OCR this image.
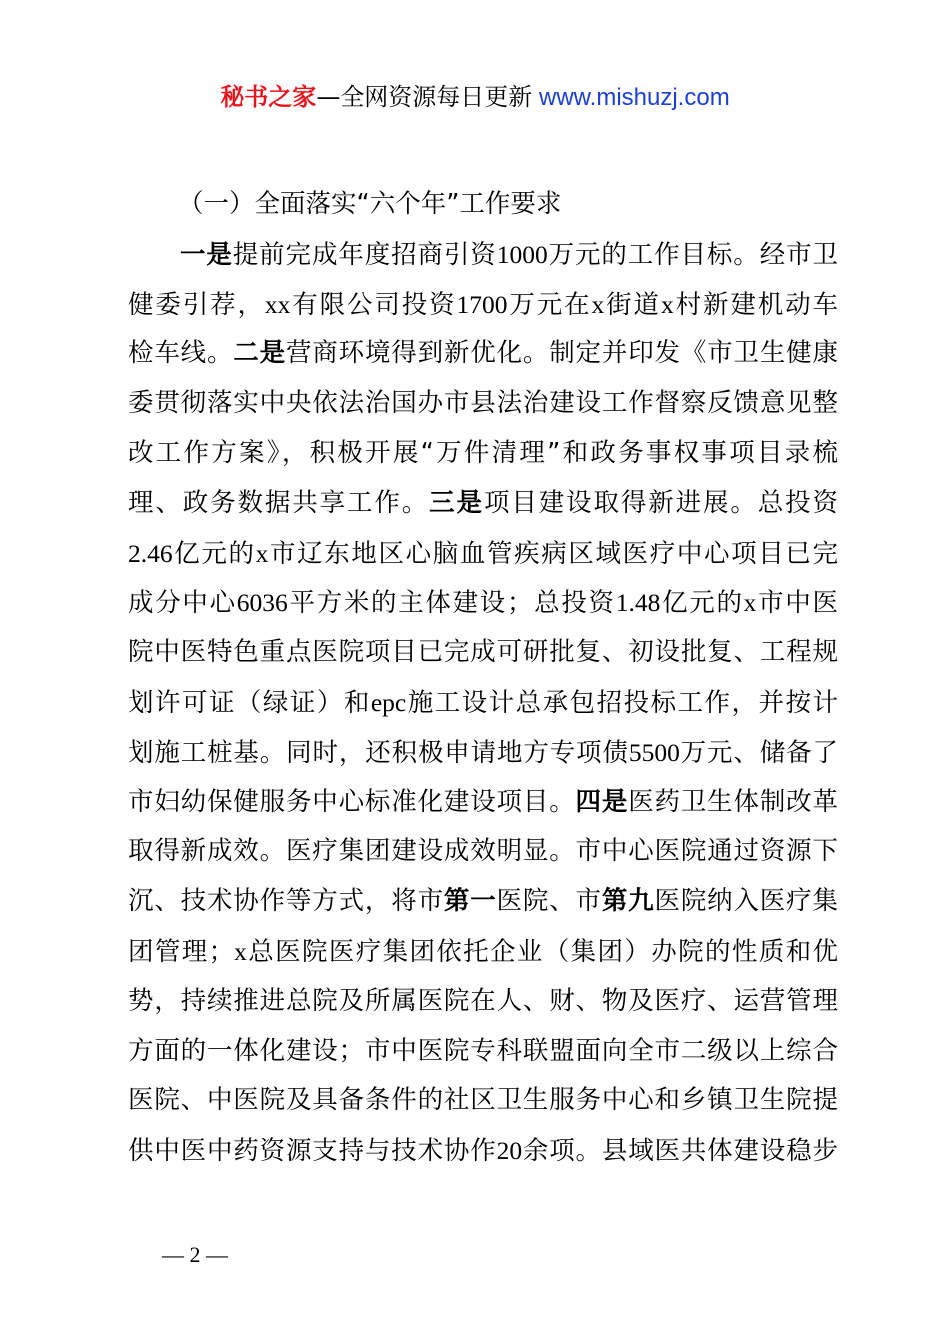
秘书之家—全网资源每日更新 www.mishuzj.com
（一）全面落实“六个年”工作要求
一是提前完成年度招商引资1000万元的工作目标。经市卫
健委引荐，xx有限公司投资1700万元在x街道x村新建机动车
检车线。二是营商环境得到新优化。制定并印发《市卫生健康
委贯彻落实中央依法治国办市县法治建设工作督察反馈意见整
改工作方案》，积极开展“万件清理”和政务事权事项目录梳
理、政务数据共享工作。三是项目建设取得新进展。总投资
2.46亿元的x市辽东地区心脑血管疾病区域医疗中心项目已完
成分中心6036平方米的主体建设；总投资1.48亿元的x市中医
院中医特色重点医院项目已完成可研批复、初设批复、工程规
划许可证（绿证）和epc施工设计总承包招投标工作，并按计
划施工桩基。同时，还积极申请地方专项债5500万元、储备了
市妇幼保健服务中心标准化建设项目。四是医药卫生体制改革
取得新成效。医疗集团建设成效明显。市中心医院通过资源下
沉、技术协作等方式，将市第一医院、市第九医院纳入医疗集
团管理；x总医院医疗集团依托企业（集团）办院的性质和优
势，持续推进总院及所属医院在人、财、物及医疗、运营管理
方面的一体化建设；市中医院专科联盟面向全市二级以上综合
医院、中医院及具备条件的社区卫生服务中心和乡镇卫生院提
供中医中药资源支持与技术协作20余项。县域医共体建设稳步
— 2 —
